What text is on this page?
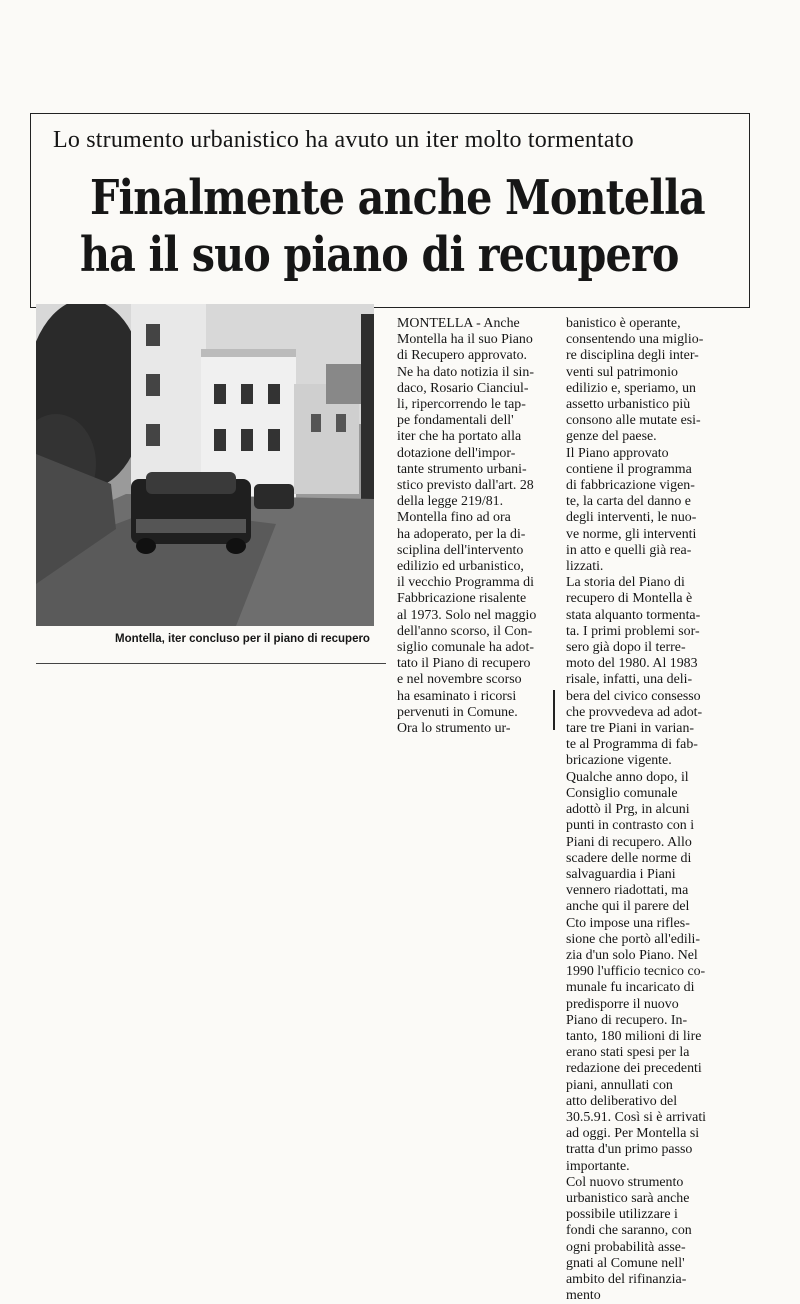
Lo strumento urbanistico ha avuto un iter molto tormentato
Finalmente anche Montella
ha il suo piano di recupero
Montella, iter concluso per il piano di recupero
MONTELLA - Anche
Montella ha il suo Piano
di Recupero approvato.
Ne ha dato notizia il sin-
daco, Rosario Cianciul-
li, ripercorrendo le tap-
pe fondamentali dell'
iter che ha portato alla
dotazione dell'impor-
tante strumento urbani-
stico previsto dall'art. 28
della legge 219/81.
Montella fino ad ora
ha adoperato, per la di-
sciplina dell'intervento
edilizio ed urbanistico,
il vecchio Programma di
Fabbricazione risalente
al 1973. Solo nel maggio
dell'anno scorso, il Con-
siglio comunale ha adot-
tato il Piano di recupero
e nel novembre scorso
ha esaminato i ricorsi
pervenuti in Comune.
Ora lo strumento ur-
banistico è operante,
consentendo una miglio-
re disciplina degli inter-
venti sul patrimonio
edilizio e, speriamo, un
assetto urbanistico più
consono alle mutate esi-
genze del paese.
Il Piano approvato
contiene il programma
di fabbricazione vigen-
te, la carta del danno e
degli interventi, le nuo-
ve norme, gli interventi
in atto e quelli già rea-
lizzati.
La storia del Piano di
recupero di Montella è
stata alquanto tormenta-
ta. I primi problemi sor-
sero già dopo il terre-
moto del 1980. Al 1983
risale, infatti, una deli-
bera del civico consesso
che provvedeva ad adot-
tare tre Piani in varian-
te al Programma di fab-
bricazione vigente.
Qualche anno dopo, il
Consiglio comunale
adottò il Prg, in alcuni
punti in contrasto con i
Piani di recupero. Allo
scadere delle norme di
salvaguardia i Piani
vennero riadottati, ma
anche qui il parere del
Cto impose una rifles-
sione che portò all'edili-
zia d'un solo Piano. Nel
1990 l'ufficio tecnico co-
munale fu incaricato di
predisporre il nuovo
Piano di recupero. In-
tanto, 180 milioni di lire
erano stati spesi per la
redazione dei precedenti
piani, annullati con
atto deliberativo del
30.5.91. Così si è arrivati
ad oggi. Per Montella si
tratta d'un primo passo
importante.
Col nuovo strumento
urbanistico sarà anche
possibile utilizzare i
fondi che saranno, con
ogni probabilità asse-
gnati al Comune nell'
ambito del rifinanzia-
mento
